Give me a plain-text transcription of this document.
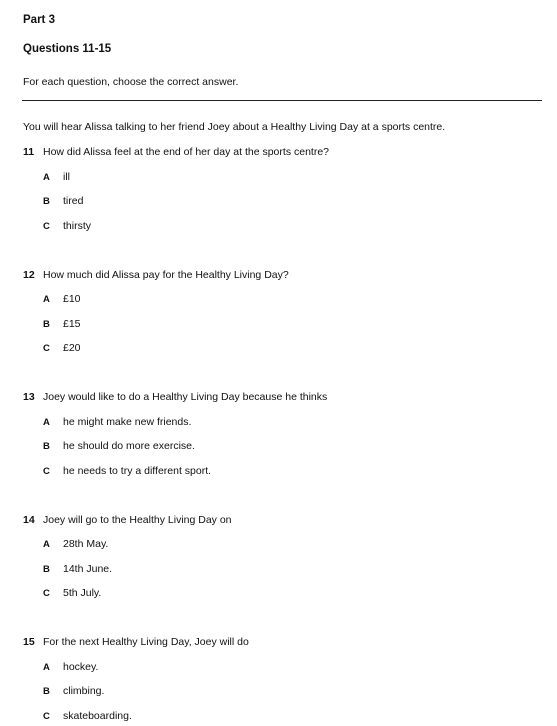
Part 3
Questions 11-15
For each question, choose the correct answer.
You will hear Alissa talking to her friend Joey about a Healthy Living Day at a sports centre.
11 How did Alissa feel at the end of her day at the sports centre?
A ill
B tired
C thirsty
12 How much did Alissa pay for the Healthy Living Day?
A £10
B £15
C £20
13 Joey would like to do a Healthy Living Day because he thinks
A he might make new friends.
B he should do more exercise.
C he needs to try a different sport.
14 Joey will go to the Healthy Living Day on
A 28th May.
B 14th June.
C 5th July.
15 For the next Healthy Living Day, Joey will do
A hockey.
B climbing.
C skateboarding.
